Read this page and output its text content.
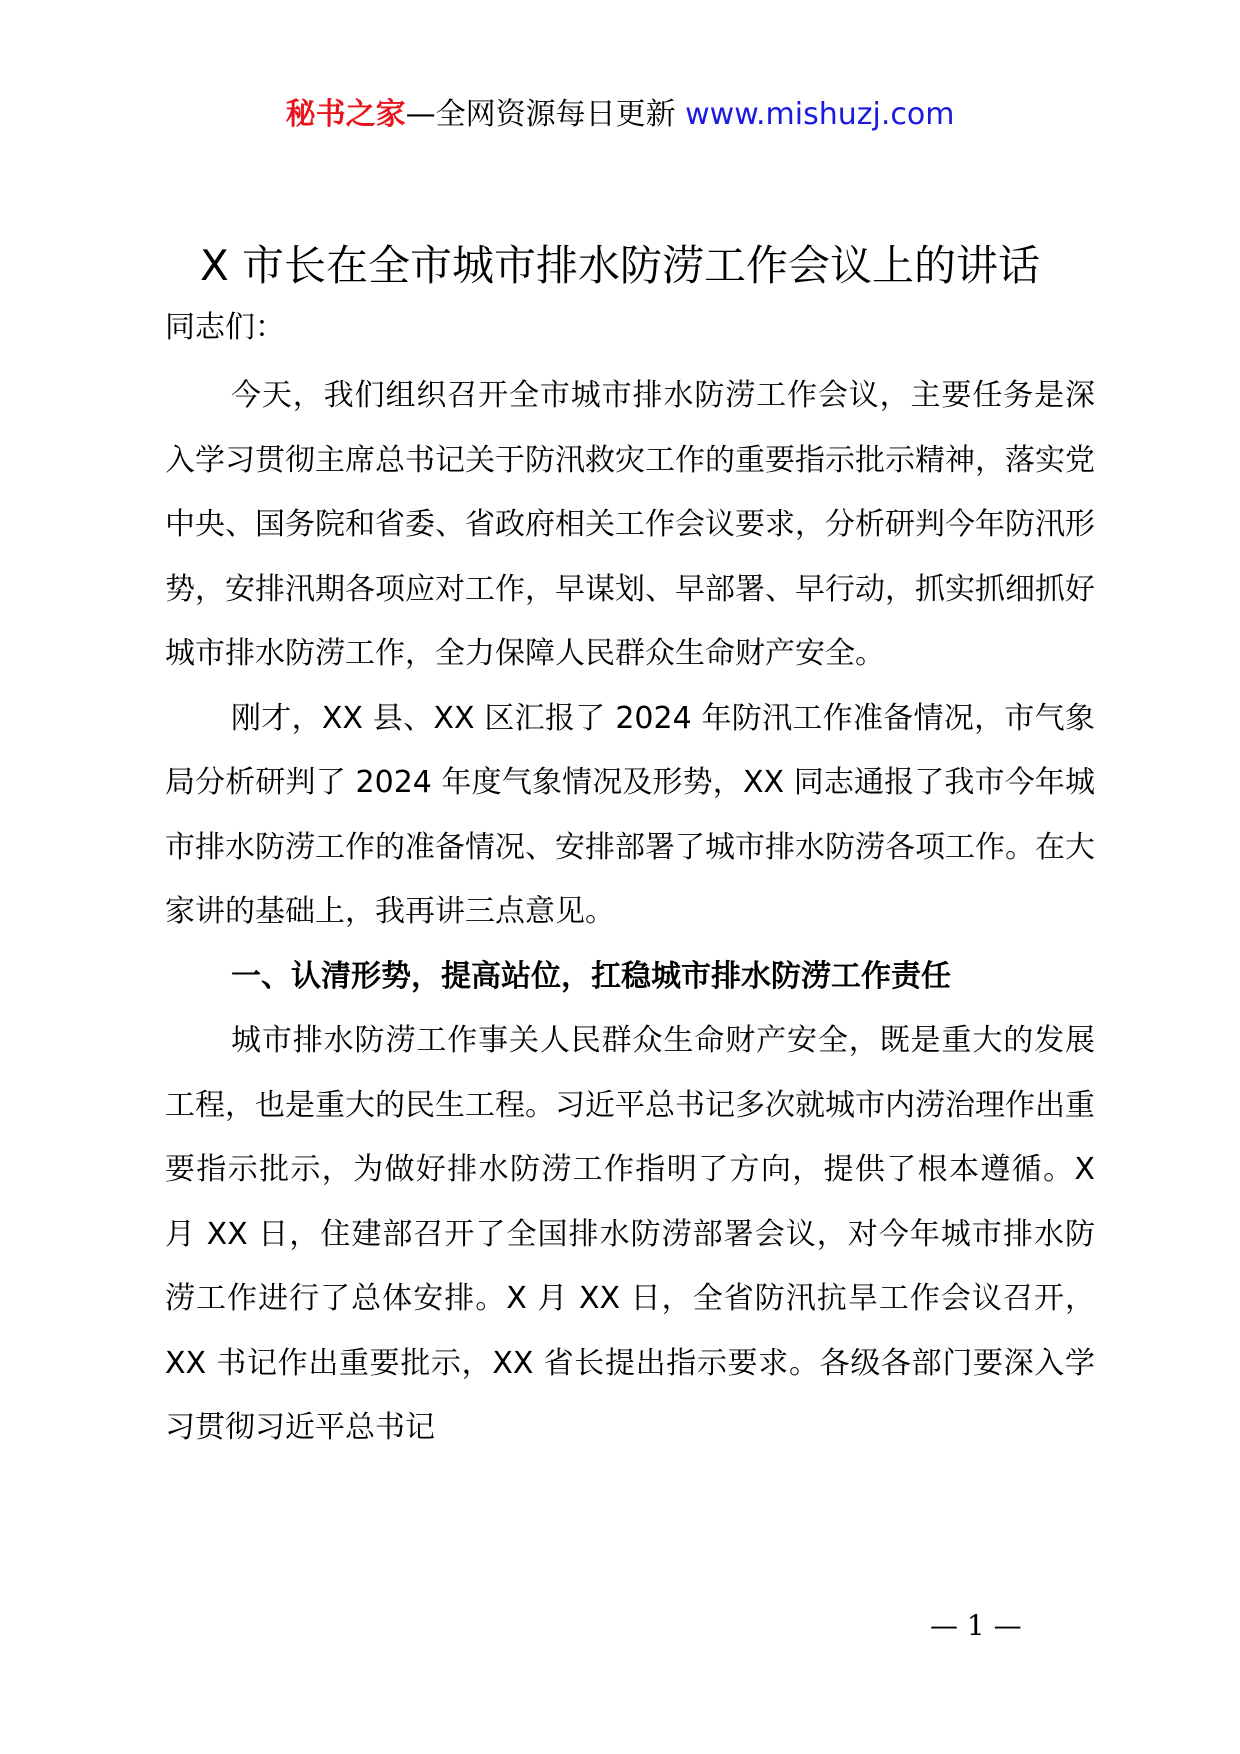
秘书之家—全网资源每日更新 www.mishuzj.com
X 市长在全市城市排水防涝工作会议上的讲话

同志们：

今天，我们组织召开全市城市排水防涝工作会议，主要任务是深入学习贯彻主席总书记关于防汛救灾工作的重要指示批示精神，落实党中央、国务院和省委、省政府相关工作会议要求，分析研判今年防汛形势，安排汛期各项应对工作，早谋划、早部署、早行动，抓实抓细抓好城市排水防涝工作，全力保障人民群众生命财产安全。

刚才，XX 县、XX 区汇报了 2024 年防汛工作准备情况，市气象局分析研判了 2024 年度气象情况及形势，XX 同志通报了我市今年城市排水防涝工作的准备情况、安排部署了城市排水防涝各项工作。在大家讲的基础上，我再讲三点意见。

一、认清形势，提高站位，扛稳城市排水防涝工作责任

城市排水防涝工作事关人民群众生命财产安全，既是重大的发展工程，也是重大的民生工程。习近平总书记多次就城市内涝治理作出重要指示批示，为做好排水防涝工作指明了方向，提供了根本遵循。X 月 XX 日，住建部召开了全国排水防涝部署会议，对今年城市排水防涝工作进行了总体安排。X 月 XX 日，全省防汛抗旱工作会议召开，XX 书记作出重要批示，XX 省长提出指示要求。各级各部门要深入学习贯彻习近平总书记

— 1 —
